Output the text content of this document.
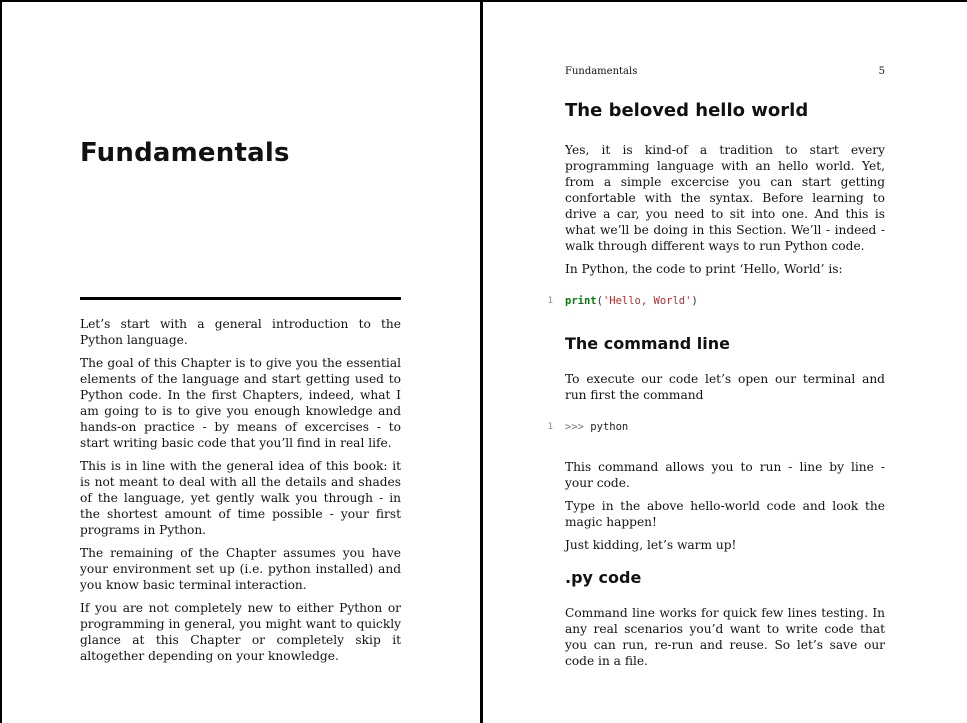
Fundamentals

Let’s start with a general introduction to the Python language.

The goal of this Chapter is to give you the essential elements of the language and start getting used to Python code. In the first Chapters, indeed, what I am going to is to give you enough knowledge and hands-on practice - by means of excercises - to start writing basic code that you’ll find in real life.

This is in line with the general idea of this book: it is not meant to deal with all the details and shades of the language, yet gently walk you through - in the shortest amount of time possible - your first programs in Python.

The remaining of the Chapter assumes you have your environment set up (i.e. python installed) and you know basic terminal interaction.

If you are not completely new to either Python or programming in general, you might want to quickly glance at this Chapter or completely skip it altogether depending on your knowledge.

Fundamentals	5
The beloved hello world

Yes, it is kind-of a tradition to start every programming language with an hello world. Yet, from a simple excercise you can start getting confortable with the syntax. Before learning to drive a car, you need to sit into one. And this is what we’ll be doing in this Section. We’ll - indeed - walk through different ways to run Python code.

In Python, the code to print ‘Hello, World’ is:

1 print('Hello, World')
The command line

To execute our code let’s open our terminal and run first the command

1 >>> python

This command allows you to run - line by line - your code.

Type in the above hello-world code and look the magic happen!

Just kidding, let’s warm up!

.py code

Command line works for quick few lines testing. In any real scenarios you’d want to write code that you can run, re-run and reuse. So let’s save our code in a file.
